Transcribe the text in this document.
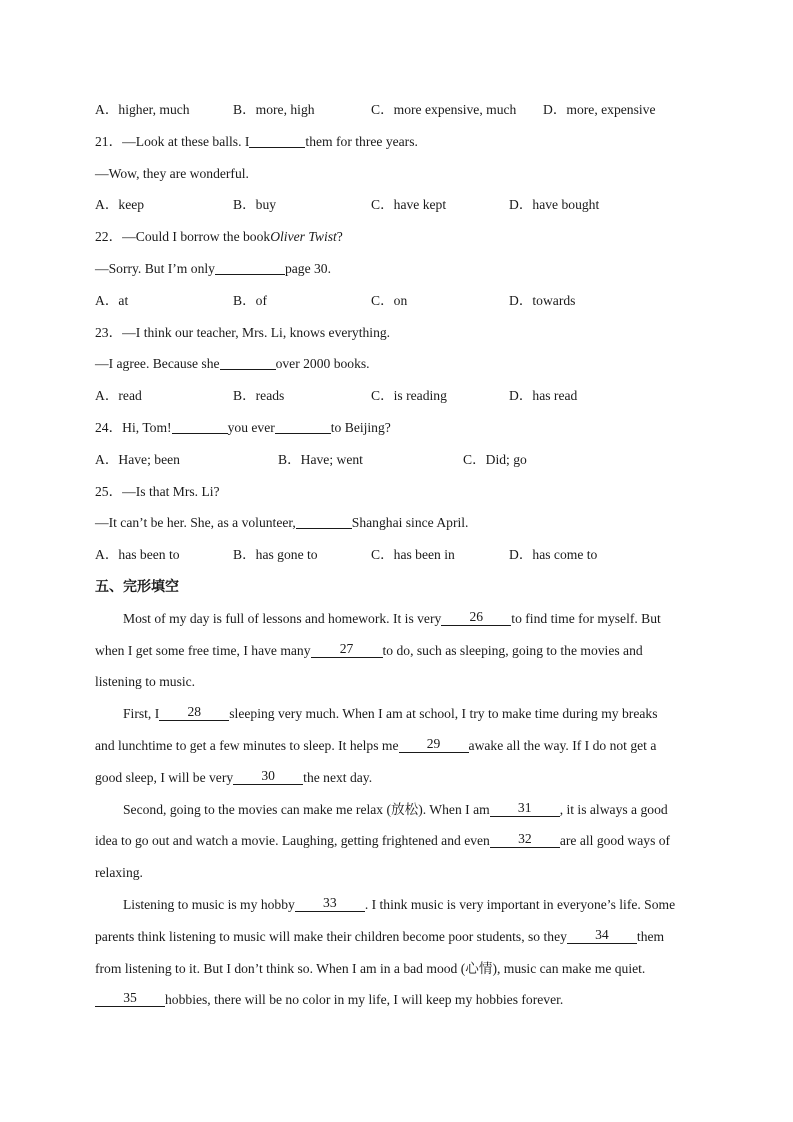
A．higher, much	B．more, high	C．more expensive, much D．more, expensive
21．—Look at these balls. I	them for three years.
—Wow, they are wonderful.
A．keep	B．buy	C．have kept	D．have bought
22．—Could I borrow the book Oliver Twist ?
—Sorry. But I’m only	page 30.
A．at	B．of	C．on	D．towards
23．—I think our teacher, Mrs. Li, knows everything.
—I agree. Because she	over 2000 books.
A．read	B．reads	C．is reading	D．has read
24．Hi, Tom!	you ever	to Beijing?
A．Have; been	B．Have; went	C．Did; go
25．—Is that Mrs. Li?
—It can’t be her. She, as a volunteer,	Shanghai since April.
A．has been to	B．has gone to	C．has been in	D．has come to
五、完形填空
Most of my day is full of lessons and homework. It is very	26	to find time for myself. But
when I get some free time, I have many	27	to do, such as sleeping, going to the movies and
listening to music.
First, I	28	sleeping very much. When I am at school, I try to make time during my breaks
and lunchtime to get a few minutes to sleep. It helps me	29	awake all the way. If I do not get a
good sleep, I will be very	30	the next day.
Second, going to the movies can make me relax (放松). When I am	31	, it is always a good
idea to go out and watch a movie. Laughing, getting frightened and even	32	are all good ways of
relaxing.
Listening to music is my hobby	33	. I think music is very important in everyone’s life. Some
parents think listening to music will make their children become poor students, so they	34	them
from listening to it. But I don’t think so. When I am in a bad mood (心情), music can make me quiet.
35	hobbies, there will be no color in my life, I will keep my hobbies forever.
